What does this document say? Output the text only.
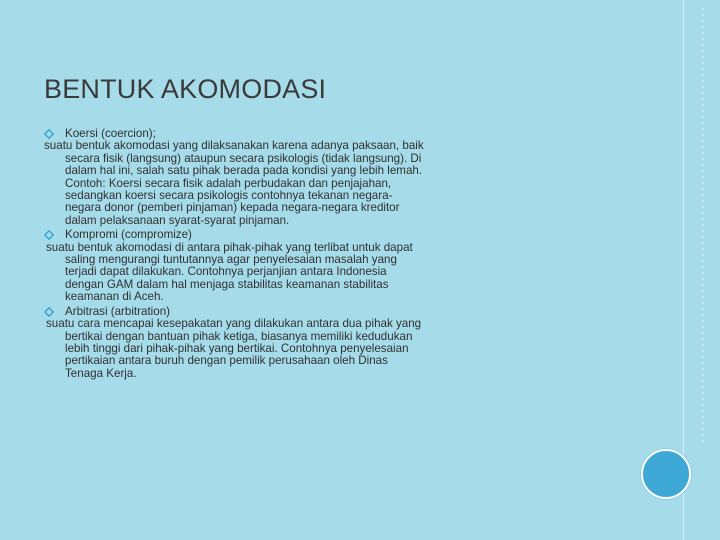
BENTUK AKOMODASI

Koersi (coercion);

suatu bentuk akomodasi yang dilaksanakan karena adanya paksaan, baik secara fisik (langsung) ataupun secara psikologis (tidak langsung). Di dalam hal ini, salah satu pihak berada pada kondisi yang lebih lemah. Contoh: Koersi secara fisik adalah perbudakan dan penjajahan, sedangkan koersi secara psikologis contohnya tekanan negara-negara donor (pemberi pinjaman) kepada negara-negara kreditor dalam pelaksanaan syarat-syarat pinjaman.

Kompromi (compromize)

suatu bentuk akomodasi di antara pihak-pihak yang terlibat untuk dapat saling mengurangi tuntutannya agar penyelesaian masalah yang terjadi dapat dilakukan. Contohnya perjanjian antara Indonesia dengan GAM dalam hal menjaga stabilitas keamanan stabilitas keamanan di Aceh.

Arbitrasi (arbitration)

suatu cara mencapai kesepakatan yang dilakukan antara dua pihak yang bertikai dengan bantuan pihak ketiga, biasanya memiliki kedudukan lebih tinggi dari pihak-pihak yang bertikai. Contohnya penyelesaian pertikaian antara buruh dengan pemilik perusahaan oleh Dinas Tenaga Kerja.
